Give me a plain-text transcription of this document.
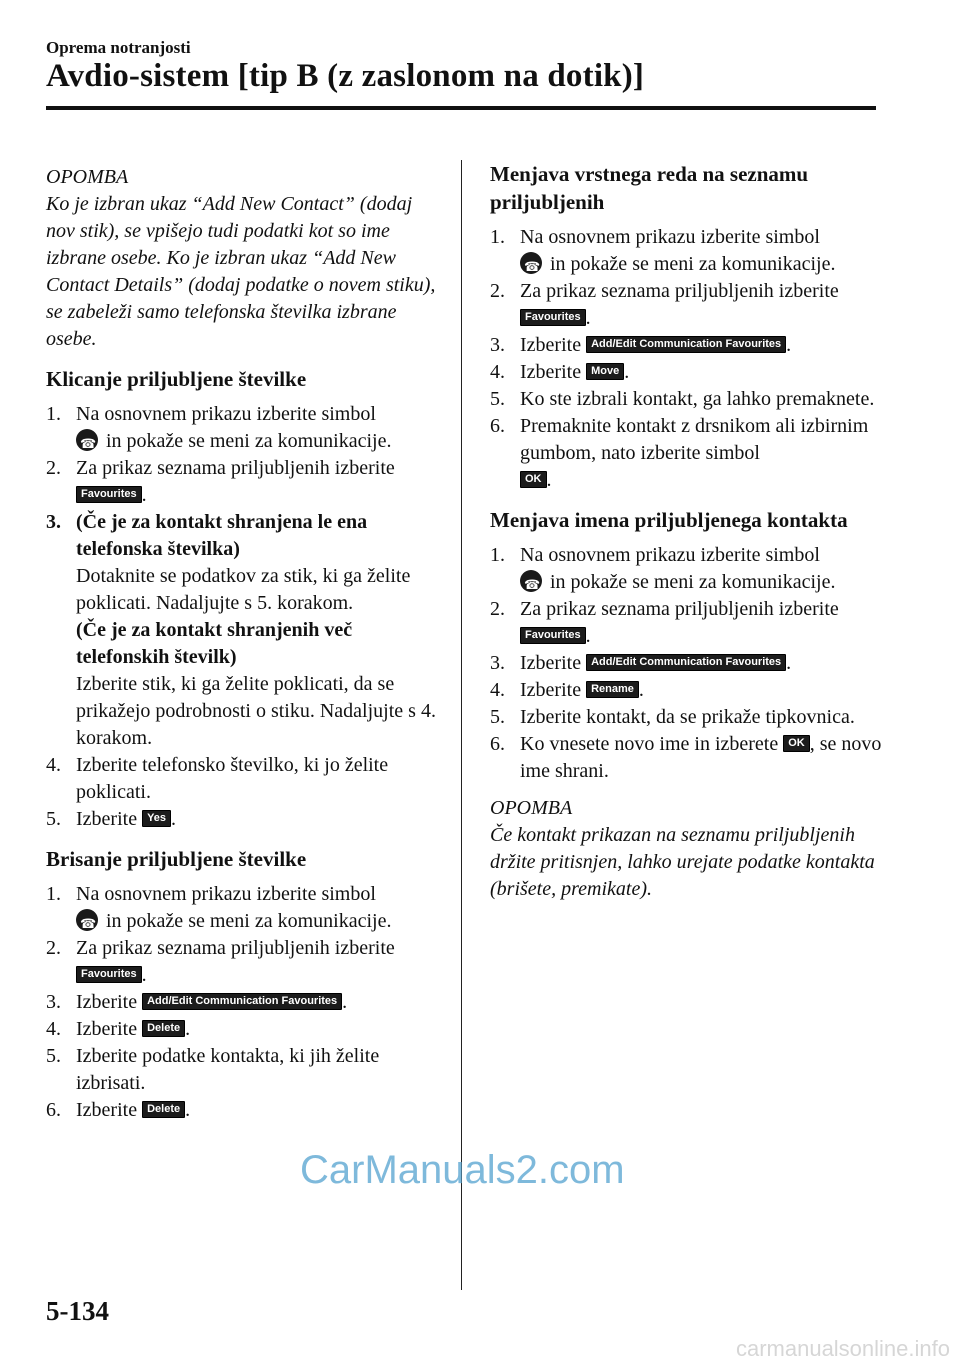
Oprema notranjosti
Avdio-sistem [tip B (z zaslonom na dotik)]
OPOMBA
Ko je izbran ukaz “Add New Contact” (dodaj nov stik), se vpišejo tudi podatki kot so ime izbrane osebe. Ko je izbran ukaz “Add New Contact Details” (dodaj podatke o novem stiku), se zabeleži samo telefonska številka izbrane osebe.
Klicanje priljubljene številke
1. Na osnovnem prikazu izberite simbol
☎ in pokaže se meni za komunikacije.
2. Za prikaz seznama priljubljenih izberite Favourites .
3. (Če je za kontakt shranjena le ena telefonska številka)
Dotaknite se podatkov za stik, ki ga želite poklicati. Nadaljujte s 5. korakom.
(Če je za kontakt shranjenih več telefonskih številk)
Izberite stik, ki ga želite poklicati, da se prikažejo podrobnosti o stiku. Nadaljujte s 4. korakom.
4. Izberite telefonsko številko, ki jo želite poklicati.
5. Izberite Yes .
Brisanje priljubljene številke
1. Na osnovnem prikazu izberite simbol
☎ in pokaže se meni za komunikacije.
2. Za prikaz seznama priljubljenih izberite Favourites .
3. Izberite Add/Edit Communication Favourites .
4. Izberite Delete .
5. Izberite podatke kontakta, ki jih želite izbrisati.
6. Izberite Delete .
Menjava vrstnega reda na seznamu priljubljenih
1. Na osnovnem prikazu izberite simbol
☎ in pokaže se meni za komunikacije.
2. Za prikaz seznama priljubljenih izberite Favourites .
3. Izberite Add/Edit Communication Favourites .
4. Izberite Move .
5. Ko ste izbrali kontakt, ga lahko premaknete.
6. Premaknite kontakt z drsnikom ali izbirnim gumbom, nato izberite simbol
OK .
Menjava imena priljubljenega kontakta
1. Na osnovnem prikazu izberite simbol
☎ in pokaže se meni za komunikacije.
2. Za prikaz seznama priljubljenih izberite Favourites .
3. Izberite Add/Edit Communication Favourites .
4. Izberite Rename .
5. Izberite kontakt, da se prikaže tipkovnica.
6. Ko vnesete novo ime in izberete OK , se novo ime shrani.
OPOMBA
Če kontakt prikazan na seznamu priljubljenih držite pritisnjen, lahko urejate podatke kontakta (brišete, premikate).
5-134
CarManuals2.com
carmanualsonline.info
